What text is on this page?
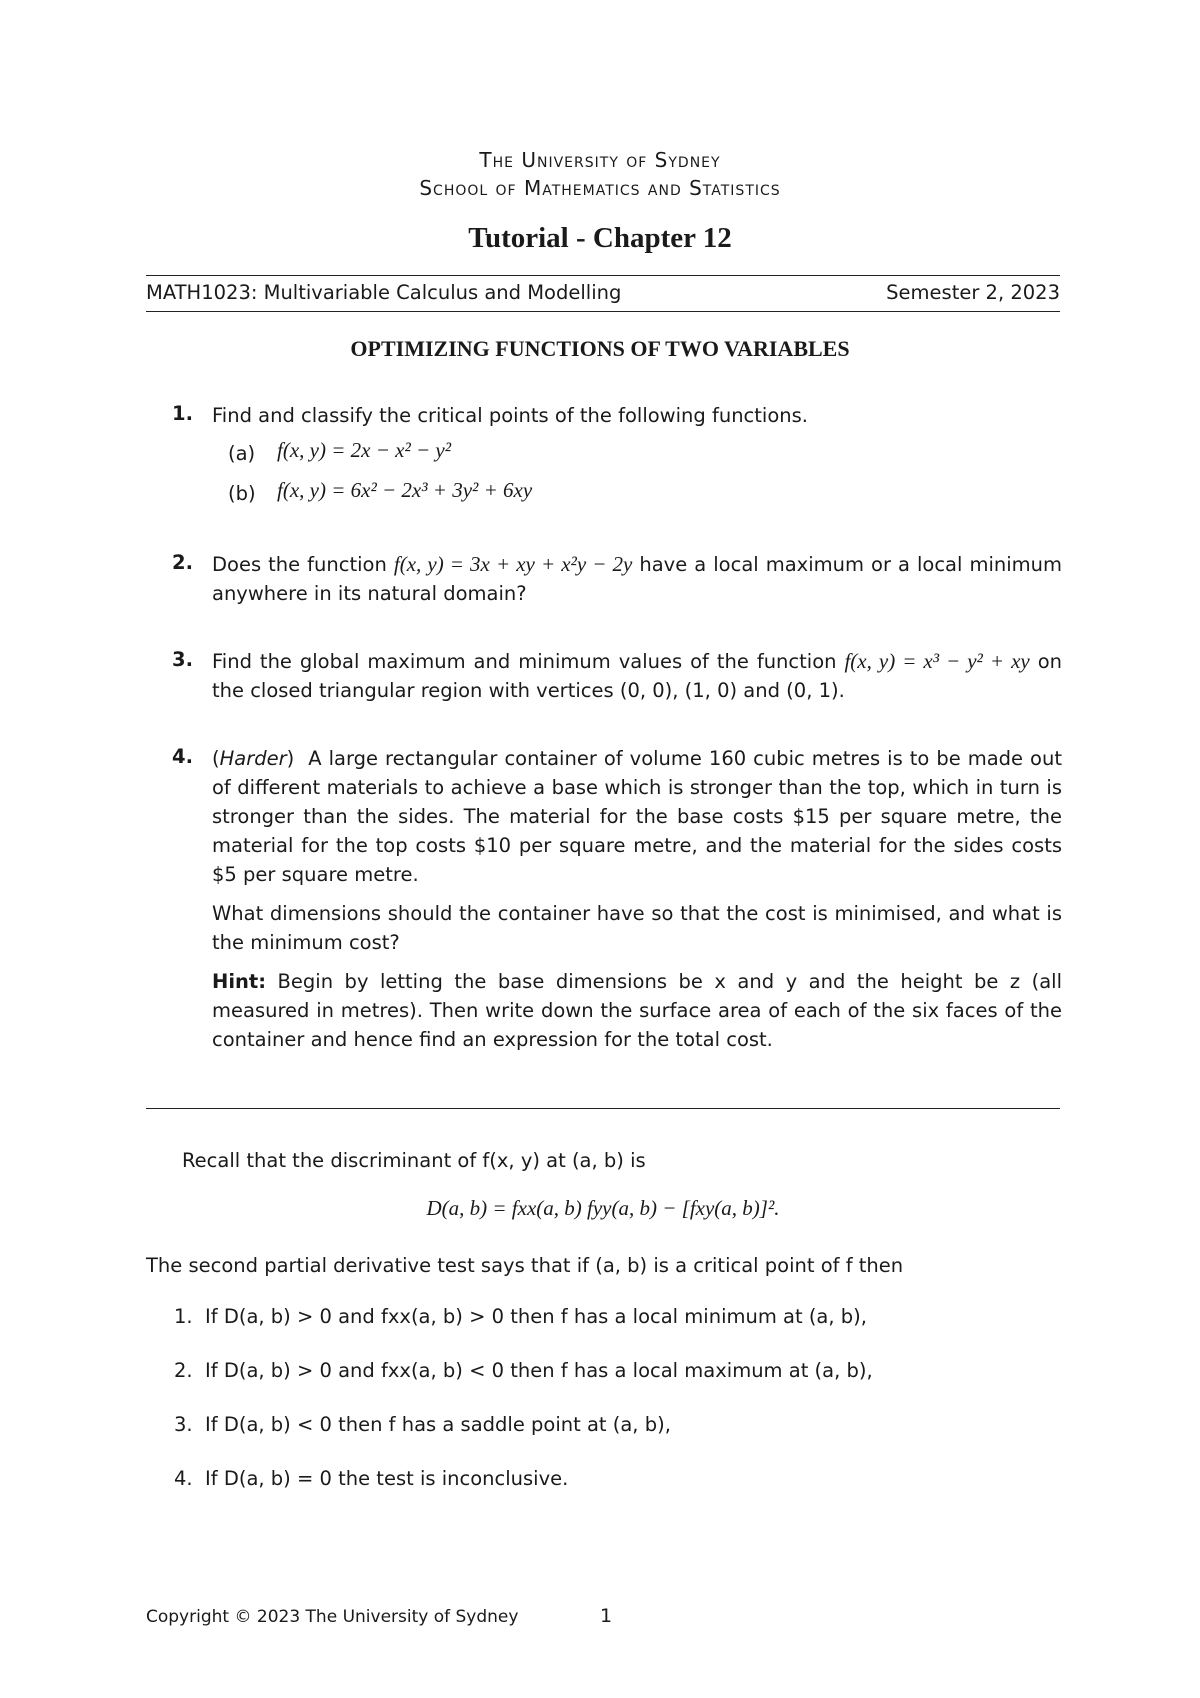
The University of Sydney
School of Mathematics and Statistics
Tutorial - Chapter 12
MATH1023: Multivariable Calculus and Modelling	Semester 2, 2023
OPTIMIZING FUNCTIONS OF TWO VARIABLES
1. Find and classify the critical points of the following functions.
(a) f(x, y) = 2x − x² − y²
(b) f(x, y) = 6x² − 2x³ + 3y² + 6xy
2. Does the function f(x, y) = 3x + xy + x²y − 2y have a local maximum or a local minimum anywhere in its natural domain?
3. Find the global maximum and minimum values of the function f(x, y) = x³ − y² + xy on the closed triangular region with vertices (0, 0), (1, 0) and (0, 1).
4. (Harder)  A large rectangular container of volume 160 cubic metres is to be made out of different materials to achieve a base which is stronger than the top, which in turn is stronger than the sides. The material for the base costs $15 per square metre, the material for the top costs $10 per square metre, and the material for the sides costs $5 per square metre.
What dimensions should the container have so that the cost is minimised, and what is the minimum cost?
Hint: Begin by letting the base dimensions be x and y and the height be z (all measured in metres). Then write down the surface area of each of the six faces of the container and hence find an expression for the total cost.
Recall that the discriminant of f(x, y) at (a, b) is
D(a, b) = fxx(a, b) fyy(a, b) − [fxy(a, b)]².
The second partial derivative test says that if (a, b) is a critical point of f then
1. If D(a, b) > 0 and fxx(a, b) > 0 then f has a local minimum at (a, b),
2. If D(a, b) > 0 and fxx(a, b) < 0 then f has a local maximum at (a, b),
3. If D(a, b) < 0 then f has a saddle point at (a, b),
4. If D(a, b) = 0 the test is inconclusive.
Copyright © 2023 The University of Sydney	1
